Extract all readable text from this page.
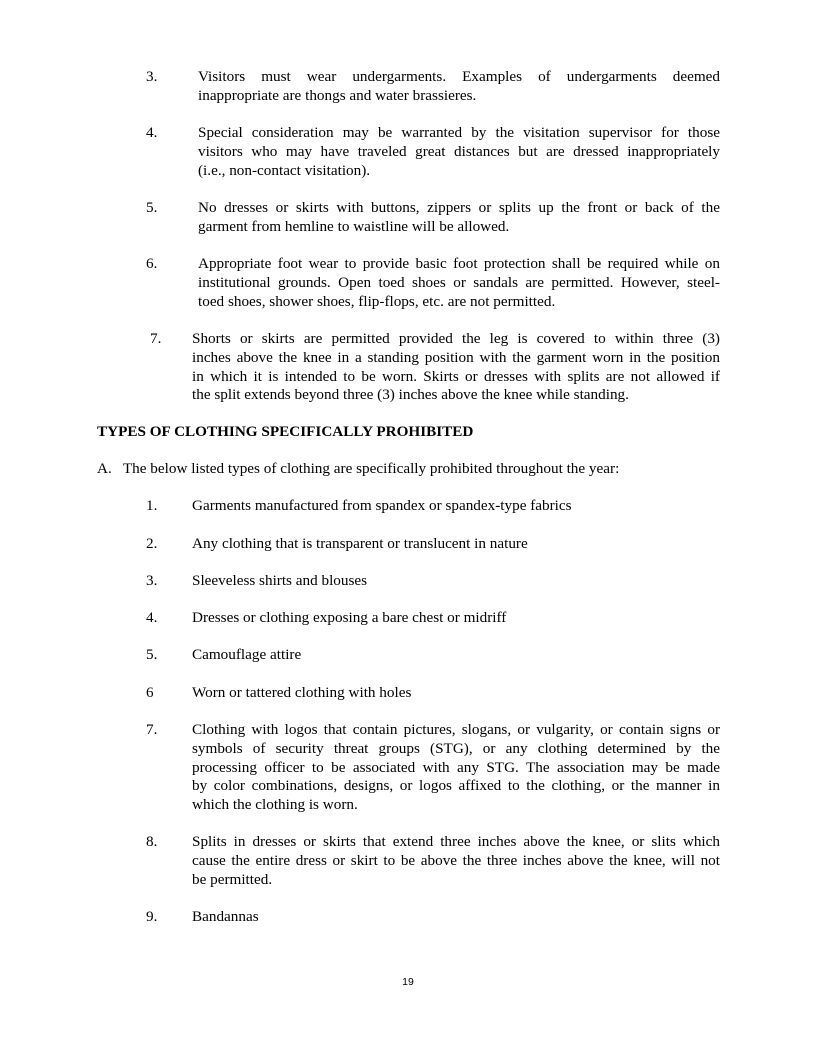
3.	Visitors must wear undergarments. Examples of undergarments deemed
inappropriate are thongs and water brassieres.
4.	Special consideration may be warranted by the visitation supervisor for those
visitors who may have traveled great distances but are dressed inappropriately
(i.e., non-contact visitation).
5.	No dresses or skirts with buttons, zippers or splits up the front or back of the
garment from hemline to waistline will be allowed.
6.	Appropriate foot wear to provide basic foot protection shall be required while on
institutional grounds. Open toed shoes or sandals are permitted. However, steel-
toed shoes, shower shoes, flip-flops, etc. are not permitted.
7. Shorts or skirts are permitted provided the leg is covered to within three (3)
inches above the knee in a standing position with the garment worn in the position
in which it is intended to be worn. Skirts or dresses with splits are not allowed if
the split extends beyond three (3) inches above the knee while standing.
TYPES OF CLOTHING SPECIFICALLY PROHIBITED
A.   The below listed types of clothing are specifically prohibited throughout the year:
1. Garments manufactured from spandex or spandex-type fabrics
2. Any clothing that is transparent or translucent in nature
3. Sleeveless shirts and blouses
4. Dresses or clothing exposing a bare chest or midriff
5. Camouflage attire
6	Worn or tattered clothing with holes
7. Clothing with logos that contain pictures, slogans, or vulgarity, or contain signs or
symbols of security threat groups (STG), or any clothing determined by the
processing officer to be associated with any STG. The association may be made
by color combinations, designs, or logos affixed to the clothing, or the manner in
which the clothing is worn.
8. Splits in dresses or skirts that extend three inches above the knee, or slits which
cause the entire dress or skirt to be above the three inches above the knee, will not
be permitted.
9. Bandannas
19
